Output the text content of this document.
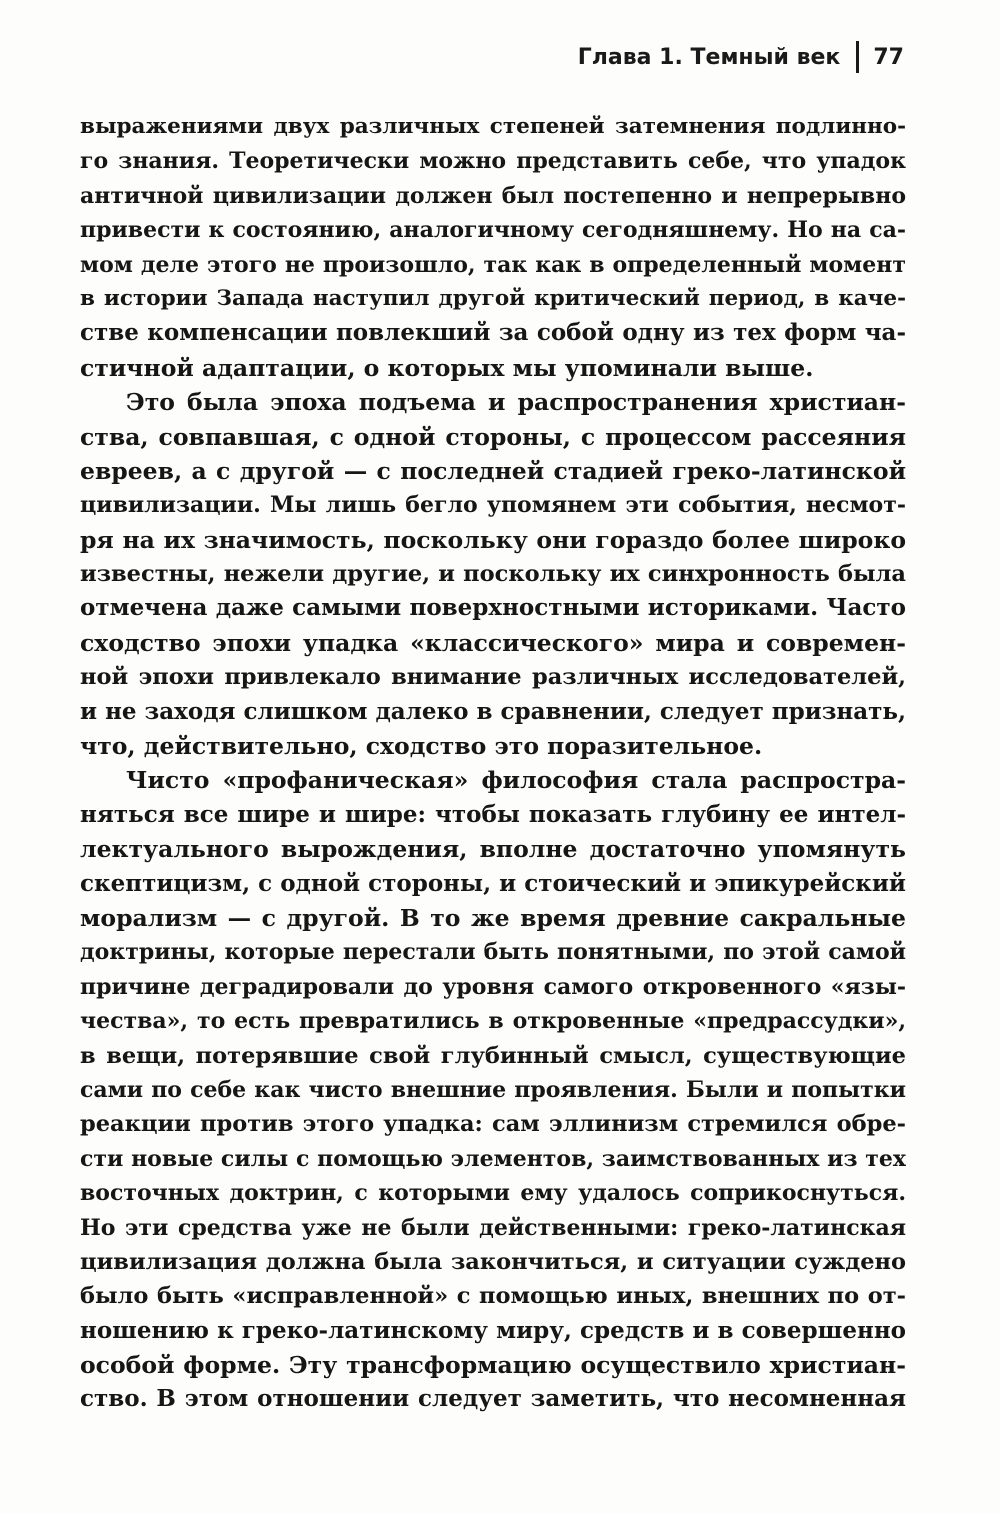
Глава 1. Темный век 77
выражениями двух различных степеней затемнения подлинно-
го знания. Теоретически можно представить себе, что упадок
античной цивилизации должен был постепенно и непрерывно
привести к состоянию, аналогичному сегодняшнему. Но на са-
мом деле этого не произошло, так как в определенный момент
в истории Запада наступил другой критический период, в каче-
стве компенсации повлекший за собой одну из тех форм ча-
стичной адаптации, о которых мы упоминали выше.
Это была эпоха подъема и распространения христиан-
ства, совпавшая, с одной стороны, с процессом рассеяния
евреев, а с другой — с последней стадией греко-латинской
цивилизации. Мы лишь бегло упомянем эти события, несмот-
ря на их значимость, поскольку они гораздо более широко
известны, нежели другие, и поскольку их синхронность была
отмечена даже самыми поверхностными историками. Часто
сходство эпохи упадка «классического» мира и современ-
ной эпохи привлекало внимание различных исследователей,
и не заходя слишком далеко в сравнении, следует признать,
что, действительно, сходство это поразительное.
Чисто «профаническая» философия стала распростра-
няться все шире и шире: чтобы показать глубину ее интел-
лектуального вырождения, вполне достаточно упомянуть
скептицизм, с одной стороны, и стоический и эпикурейский
морализм — с другой. В то же время древние сакральные
доктрины, которые перестали быть понятными, по этой самой
причине деградировали до уровня самого откровенного «язы-
чества», то есть превратились в откровенные «предрассудки»,
в вещи, потерявшие свой глубинный смысл, существующие
сами по себе как чисто внешние проявления. Были и попытки
реакции против этого упадка: сам эллинизм стремился обре-
сти новые силы с помощью элементов, заимствованных из тех
восточных доктрин, с которыми ему удалось соприкоснуться.
Но эти средства уже не были действенными: греко-латинская
цивилизация должна была закончиться, и ситуации суждено
было быть «исправленной» с помощью иных, внешних по от-
ношению к греко-латинскому миру, средств и в совершенно
особой форме. Эту трансформацию осуществило христиан-
ство. В этом отношении следует заметить, что несомненная
